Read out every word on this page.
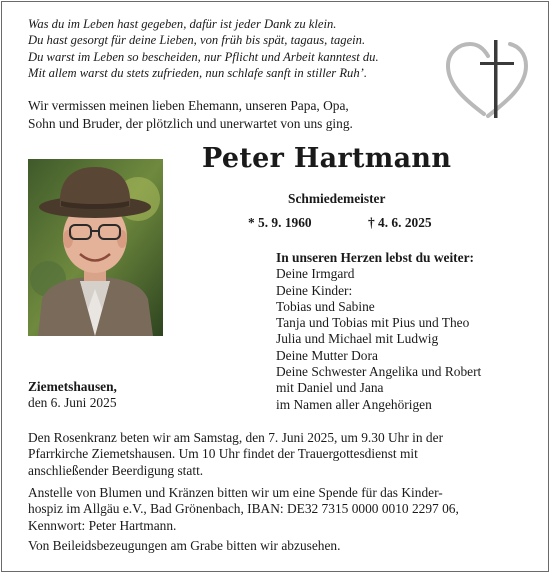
Was du im Leben hast gegeben, dafür ist jeder Dank zu klein.
Du hast gesorgt für deine Lieben, von früh bis spät, tagaus, tagein.
Du warst im Leben so bescheiden, nur Pflicht und Arbeit kanntest du.
Mit allem warst du stets zufrieden, nun schlafe sanft in stiller Ruh’.
Wir vermissen meinen lieben Ehemann, unseren Papa, Opa,
Sohn und Bruder, der plötzlich und unerwartet von uns ging.
Peter Hartmann
Schmiedemeister
* 5. 9. 1960	† 4. 6. 2025
In unseren Herzen lebst du weiter:
Deine Irmgard
Deine Kinder:
Tobias und Sabine
Tanja und Tobias mit Pius und Theo
Julia und Michael mit Ludwig
Deine Mutter Dora
Deine Schwester Angelika und Robert
mit Daniel und Jana
im Namen aller Angehörigen
Ziemetshausen,
den 6. Juni 2025
Den Rosenkranz beten wir am Samstag, den 7. Juni 2025, um 9.30 Uhr in der
Pfarrkirche Ziemetshausen. Um 10 Uhr findet der Trauergottesdienst mit
anschließender Beerdigung statt.
Anstelle von Blumen und Kränzen bitten wir um eine Spende für das Kinder-
hospiz im Allgäu e.V., Bad Grönenbach, IBAN: DE32 7315 0000 0010 2297 06,
Kennwort: Peter Hartmann.
Von Beileidsbezeugungen am Grabe bitten wir abzusehen.
